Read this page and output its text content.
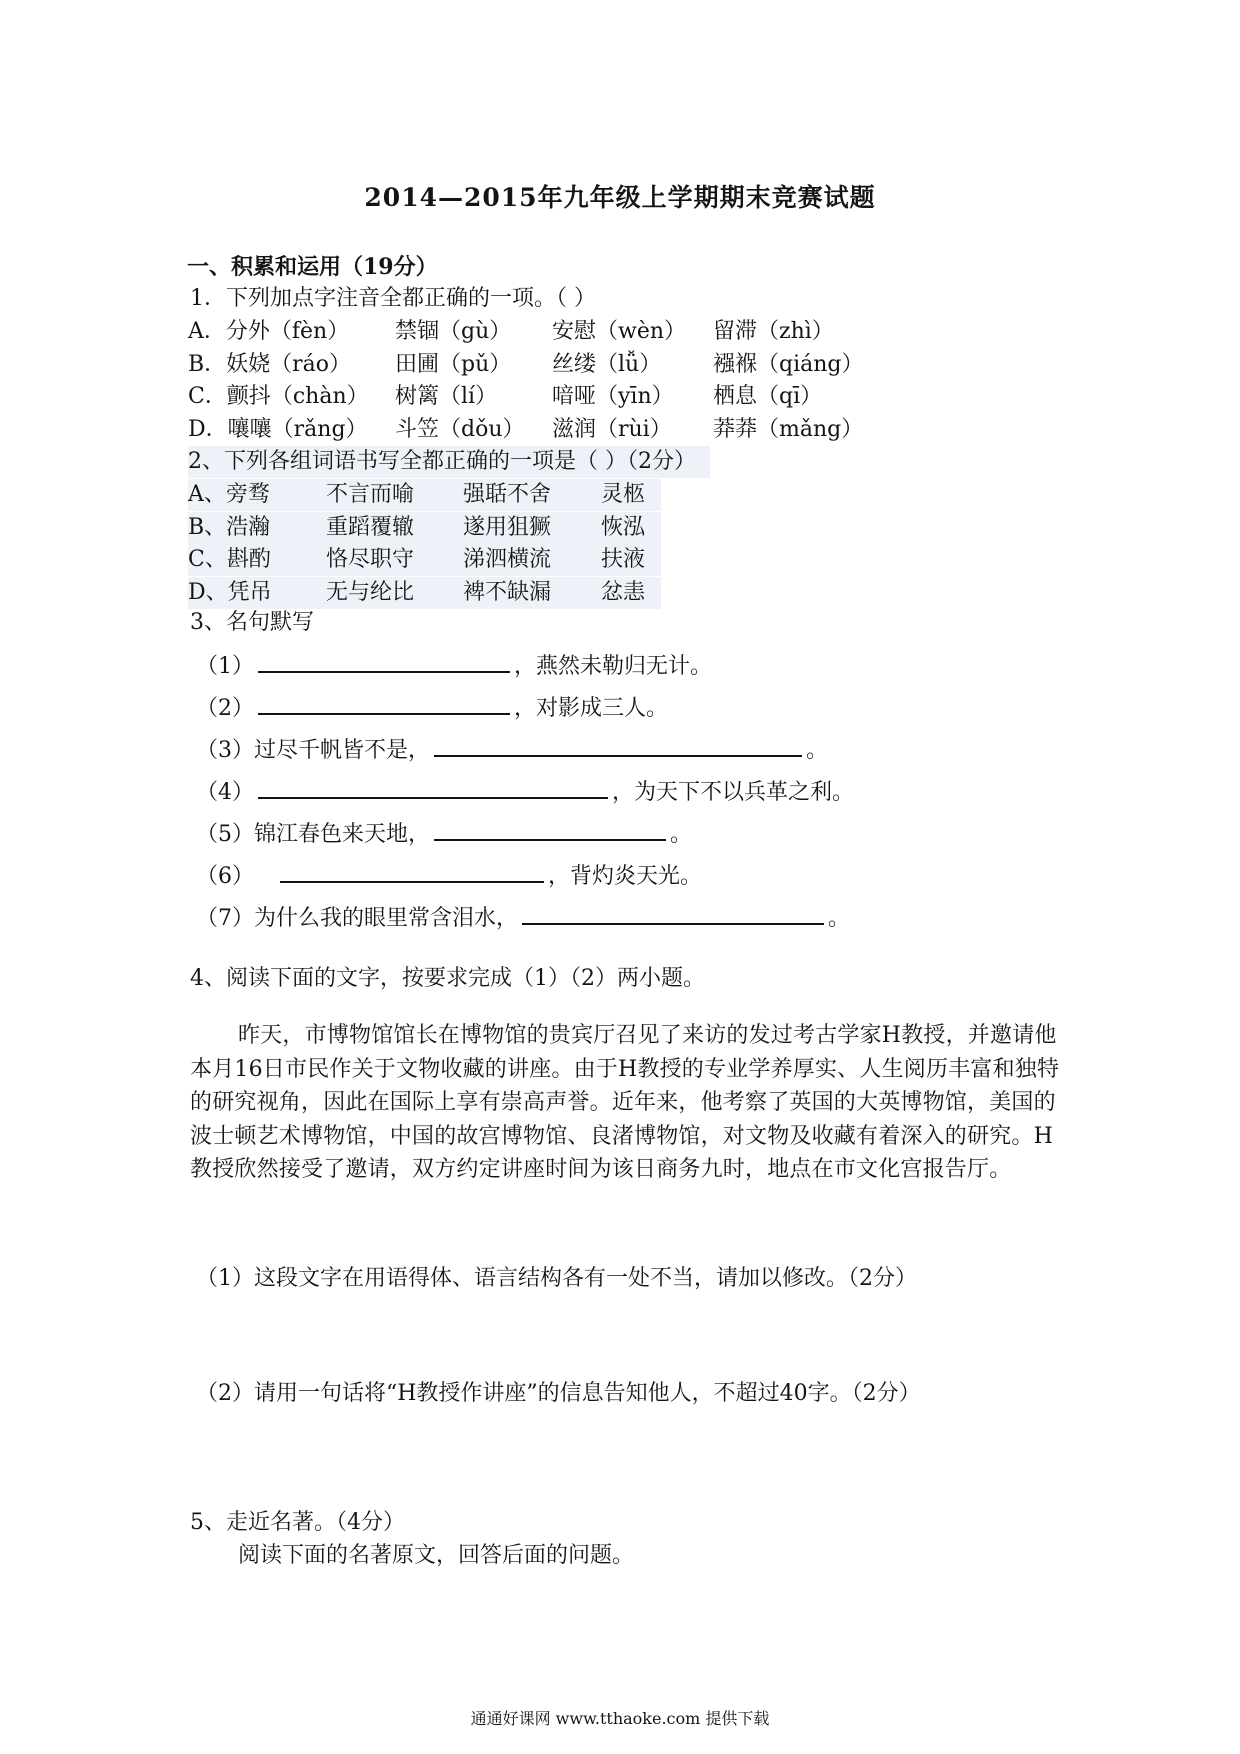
2014—2015年九年级上学期期末竞赛试题
一、积累和运用（19分）
1．下列加点字注音全都正确的一项。（ ）
A．分外（fèn）	禁锢（gù）	安慰（wèn）	留滞（zhì）
B．妖娆（ráo）	田圃（pǔ）	丝缕（lǚ）	襁褓（qiáng）
C．颤抖（chàn）	树篱（lí）	喑哑（yīn）	栖息（qī）
D．嚷嚷（rǎng）	斗笠（dǒu）	滋润（rùi）	莽莽（mǎng）
2、下列各组词语书写全都正确的一项是（ ）（2分）
A、旁骛	不言而喻	强聒不舍	灵柩
B、浩瀚	重蹈覆辙	遂用狙獗	恢泓
C、斟酌	恪尽职守	涕泗横流	扶液
D、凭吊	无与纶比	裨不缺漏	忿恚
3、名句默写
（1）	，燕然未勒归无计。
（2）	，对影成三人。
（3）过尽千帆皆不是，	。
（4）	，为天下不以兵革之利。
（5）锦江春色来天地，	。
（6）	，背灼炎天光。
（7）为什么我的眼里常含泪水，	。
4、阅读下面的文字，按要求完成（1）（2）两小题。
昨天，市博物馆馆长在博物馆的贵宾厅召见了来访的发过考古学家H教授，并邀请他本月16日市民作关于文物收藏的讲座。由于H教授的专业学养厚实、人生阅历丰富和独特的研究视角，因此在国际上享有崇高声誉。近年来，他考察了英国的大英博物馆，美国的波士顿艺术博物馆，中国的故宫博物馆、良渚博物馆，对文物及收藏有着深入的研究。H教授欣然接受了邀请，双方约定讲座时间为该日商务九时，地点在市文化宫报告厅。
（1）这段文字在用语得体、语言结构各有一处不当，请加以修改。（2分）
（2）请用一句话将“H教授作讲座”的信息告知他人，不超过40字。（2分）
5、走近名著。（4分）
阅读下面的名著原文，回答后面的问题。
通通好课网 www.tthaoke.com 提供下载
